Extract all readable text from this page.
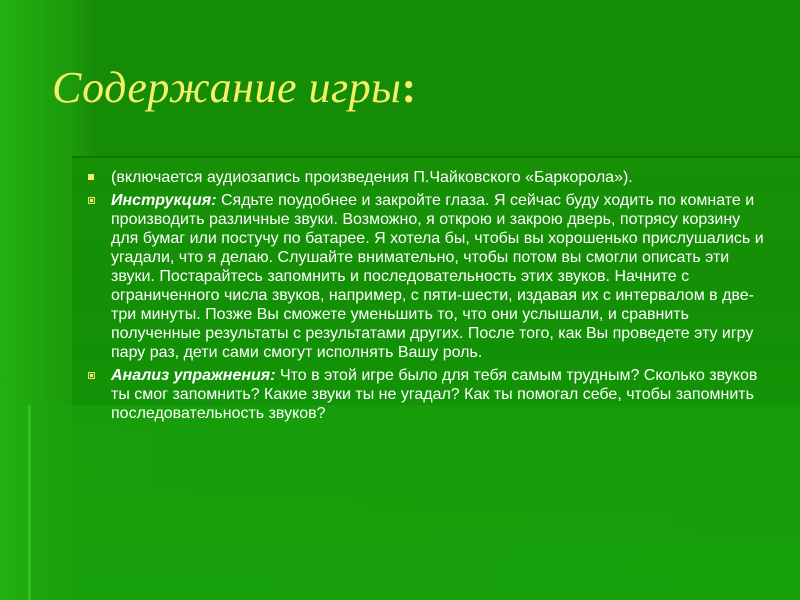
Содержание игры:
(включается аудиозапись произведения П.Чайковского «Баркорола»).
Инструкция: Сядьте поудобнее и закройте глаза. Я сейчас буду ходить по комнате и производить различные звуки. Возможно, я открою и закрою дверь, потрясу корзину для бумаг или постучу по батарее. Я хотела бы, чтобы вы хорошенько прислушались и угадали, что я делаю. Слушайте внимательно, чтобы потом вы смогли описать эти звуки. Постарайтесь запомнить и последовательность этих звуков. Начните с ограниченного числа звуков, например, с пяти-шести, издавая их с интервалом в две-три минуты. Позже Вы сможете уменьшить то, что они услышали, и сравнить полученные результаты с результатами других. После того, как Вы проведете эту игру пару раз, дети сами смогут исполнять Вашу роль.
Анализ упражнения: Что в этой игре было для тебя самым трудным? Сколько звуков ты смог запомнить? Какие звуки ты не угадал? Как ты помогал себе, чтобы запомнить последовательность звуков?
